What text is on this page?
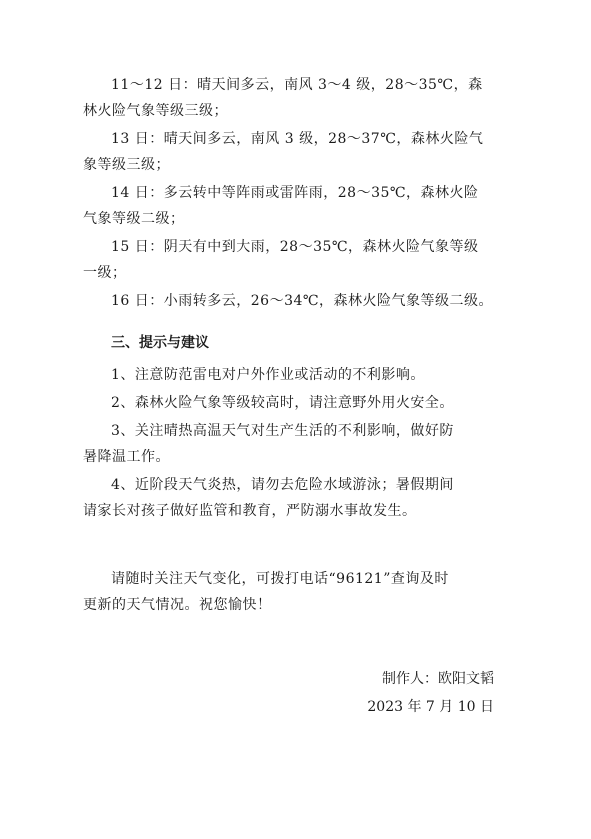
11～12 日：晴天间多云，南风 3～4 级，28～35℃，森
林火险气象等级三级；

13 日：晴天间多云，南风 3 级，28～37℃，森林火险气
象等级三级；

14 日：多云转中等阵雨或雷阵雨，28～35℃，森林火险
气象等级二级；

15 日：阴天有中到大雨，28～35℃，森林火险气象等级
一级；

16 日：小雨转多云，26～34℃，森林火险气象等级二级。

三、提示与建议

1、注意防范雷电对户外作业或活动的不利影响。

2、森林火险气象等级较高时，请注意野外用火安全。

3、关注晴热高温天气对生产生活的不利影响，做好防
暑降温工作。

4、近阶段天气炎热，请勿去危险水域游泳；暑假期间
请家长对孩子做好监管和教育，严防溺水事故发生。

请随时关注天气变化，可拨打电话“96121”查询及时
更新的天气情况。祝您愉快！

制作人：欧阳文韬
2023 年 7 月 10 日
